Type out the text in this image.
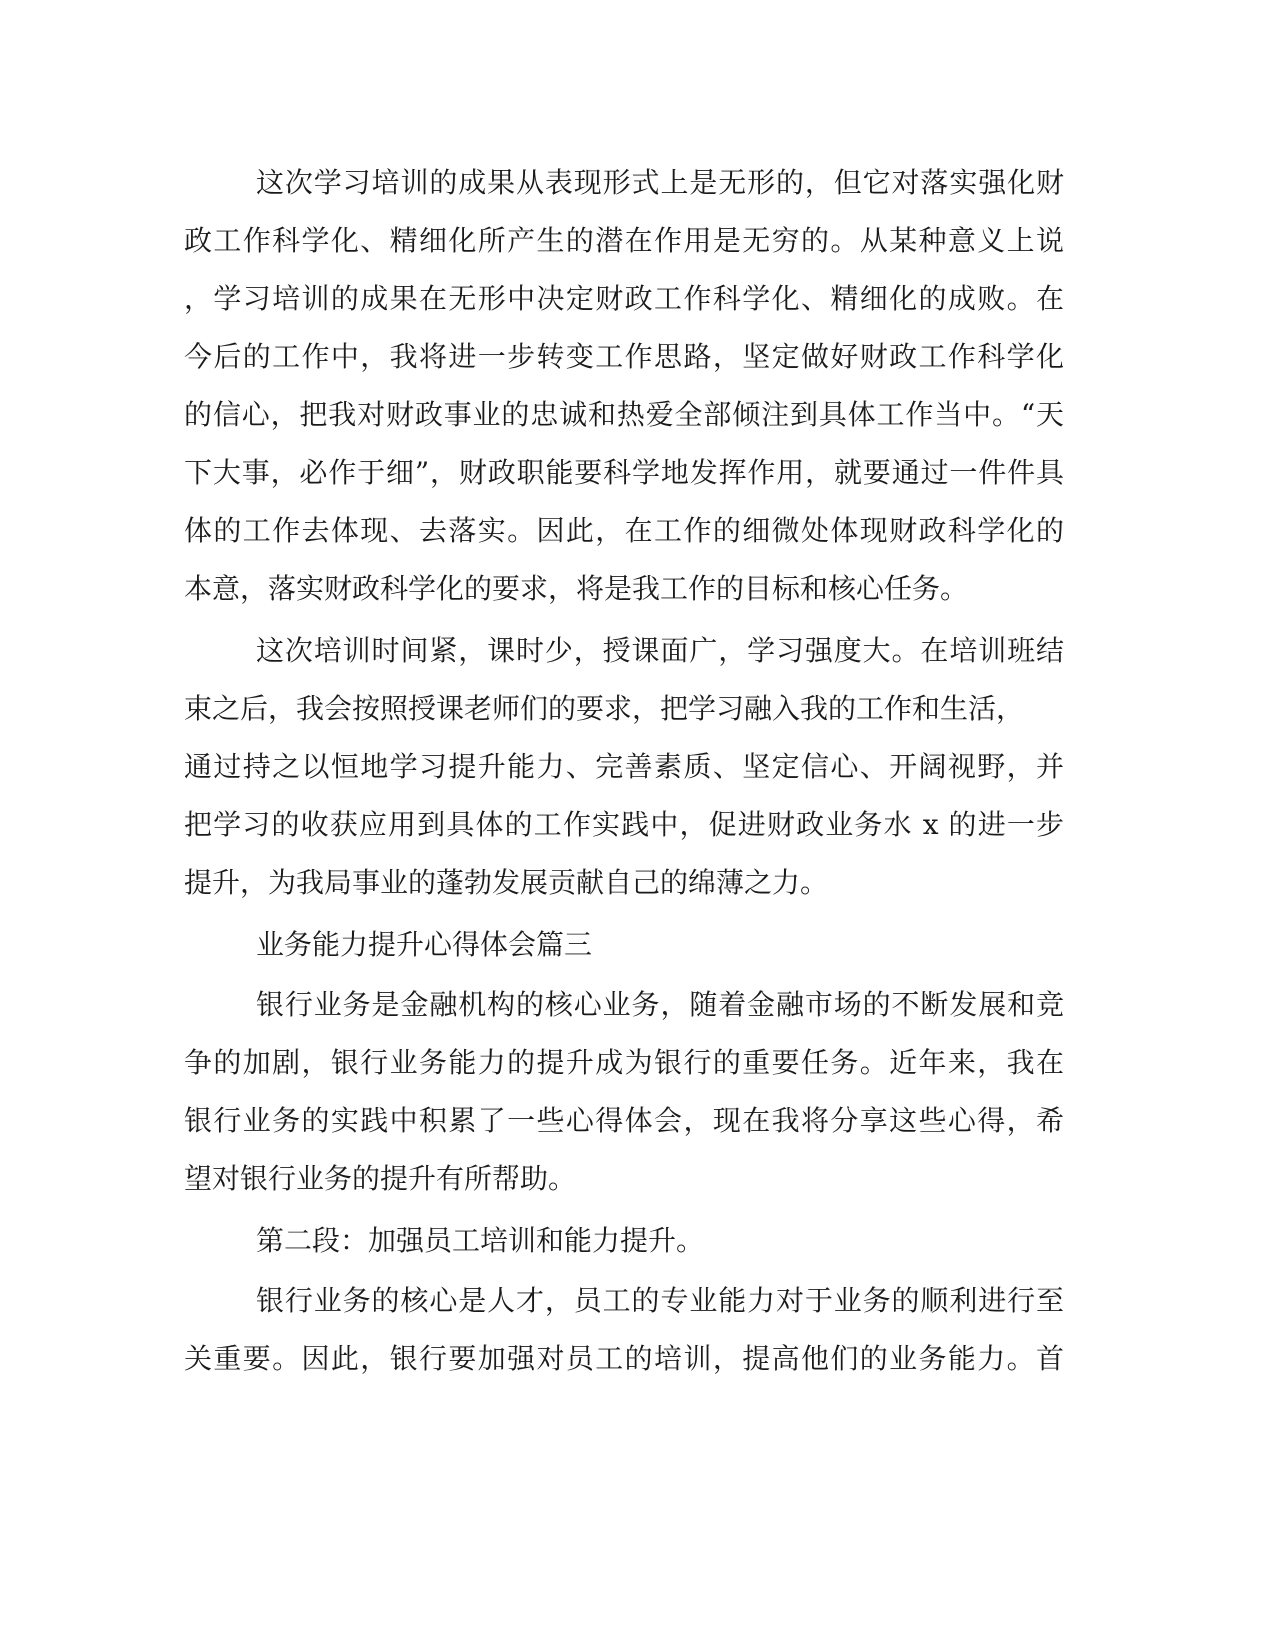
这次学习培训的成果从表现形式上是无形的，但它对落实强化财
政工作科学化、精细化所产生的潜在作用是无穷的。从某种意义上说
，学习培训的成果在无形中决定财政工作科学化、精细化的成败。在
今后的工作中，我将进一步转变工作思路，坚定做好财政工作科学化
的信心，把我对财政事业的忠诚和热爱全部倾注到具体工作当中。“天
下大事，必作于细”，财政职能要科学地发挥作用，就要通过一件件具
体的工作去体现、去落实。因此，在工作的细微处体现财政科学化的
本意，落实财政科学化的要求，将是我工作的目标和核心任务。
这次培训时间紧，课时少，授课面广，学习强度大。在培训班结
束之后，我会按照授课老师们的要求，把学习融入我的工作和生活，
通过持之以恒地学习提升能力、完善素质、坚定信心、开阔视野，并
把学习的收获应用到具体的工作实践中，促进财政业务水 x 的进一步
提升，为我局事业的蓬勃发展贡献自己的绵薄之力。
业务能力提升心得体会篇三
银行业务是金融机构的核心业务，随着金融市场的不断发展和竞
争的加剧，银行业务能力的提升成为银行的重要任务。近年来，我在
银行业务的实践中积累了一些心得体会，现在我将分享这些心得，希
望对银行业务的提升有所帮助。
第二段：加强员工培训和能力提升。
银行业务的核心是人才，员工的专业能力对于业务的顺利进行至
关重要。因此，银行要加强对员工的培训，提高他们的业务能力。首
